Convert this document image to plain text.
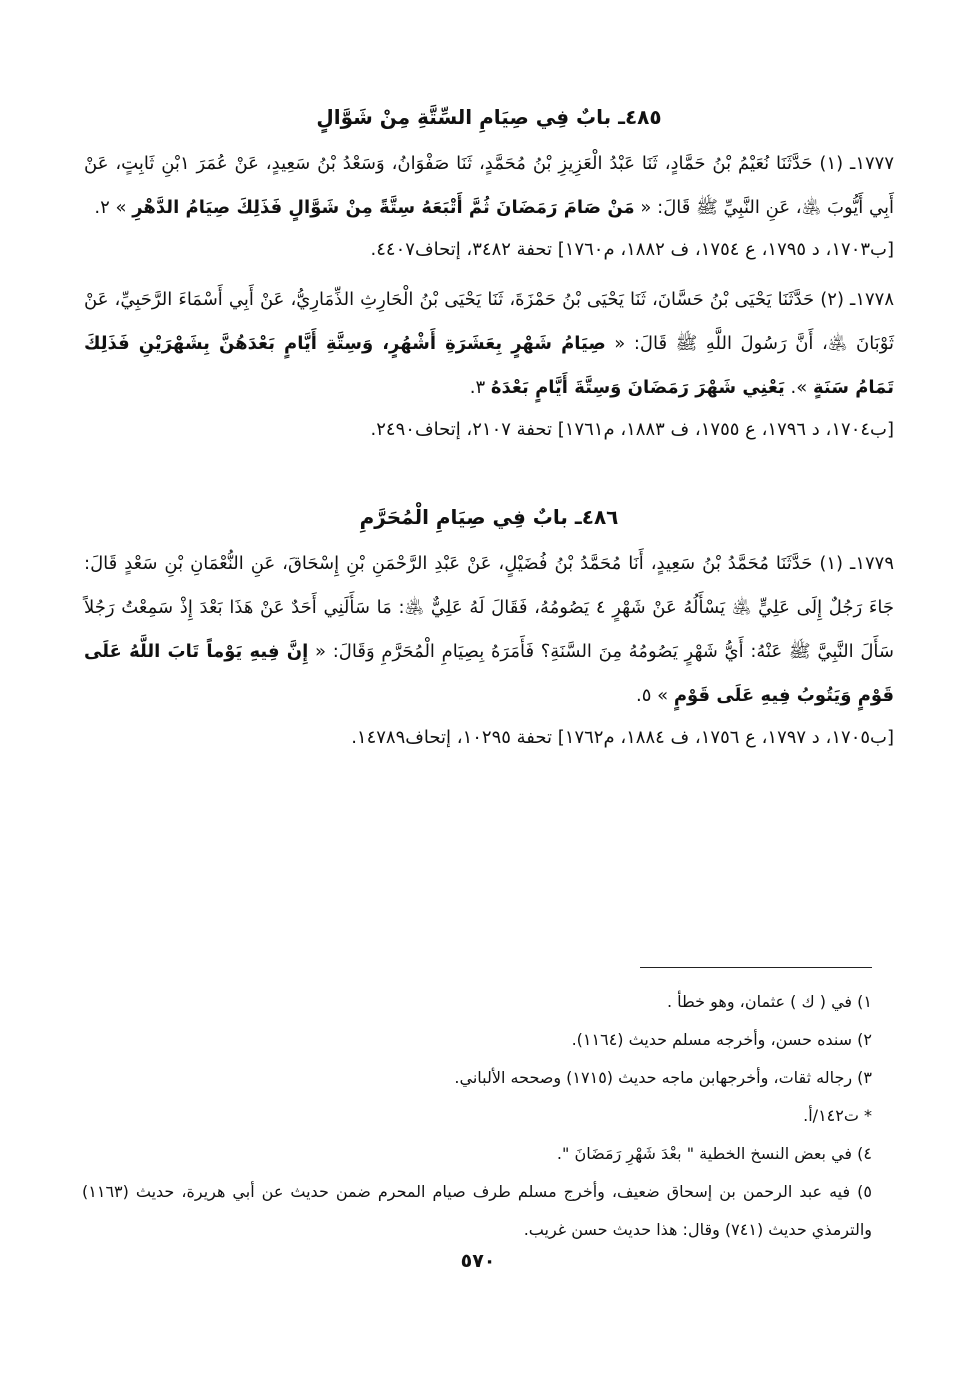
٤٨٥ـ بابٌ فِي صِيَامِ السِّتَّةِ مِنْ شَوَّالٍ

١٧٧٧ـ (١) حَدَّثَنَا نُعَيْمُ بْنُ حَمَّادٍ، ثَنَا عَبْدُ الْعَزِيزِ بْنُ مُحَمَّدٍ، ثَنَا صَفْوَانُ، وَسَعْدُ بْنُ سَعِيدٍ، عَنْ عُمَرَ ١بْنِ ثَابِتٍ، عَنْ أَبِي أَيُّوبَ ﵁، عَنِ النَّبِيِّ ﷺ قَالَ: « مَنْ صَامَ رَمَضَانَ ثُمَّ أَتْبَعَهُ سِتَّةً مِنْ شَوَّالٍ فَذَلِكَ صِيَامُ الدَّهْرِ » ٢.

[ب١٧٠٣، د ١٧٩٥، ع ١٧٥٤، ف ١٨٨٢، م١٧٦٠] تحفة ٣٤٨٢، إتحاف٤٤٠٧.

١٧٧٨ـ (٢) حَدَّثَنَا يَحْيَى بْنُ حَسَّانَ، ثَنَا يَحْيَى بْنُ حَمْزَةَ، ثَنَا يَحْيَى بْنُ الْحَارِثِ الذِّمَارِيُّ، عَنْ أَبِي أَسْمَاءَ الرَّحَبِيِّ، عَنْ ثَوْبَانَ ﵁، أَنَّ رَسُولَ اللَّهِ ﷺ قَالَ: « صِيَامُ شَهْرٍ بِعَشَرَةِ أَشْهُرٍ، وَسِتَّةِ أَيَّامٍ بَعْدَهُنَّ بِشَهْرَيْنِ فَذَلِكَ تَمَامُ سَنَةٍ ». يَعْنِي شَهْرَ رَمَضَانَ وَسِتَّةَ أَيَّامٍ بَعْدَهُ ٣.

[ب١٧٠٤، د ١٧٩٦، ع ١٧٥٥، ف ١٨٨٣، م١٧٦١] تحفة ٢١٠٧، إتحاف٢٤٩٠.

٤٨٦ـ بابٌ فِي صِيَامِ الْمُحَرَّمِ

١٧٧٩ـ (١) حَدَّثَنَا مُحَمَّدُ بْنُ سَعِيدٍ، أَنَا مُحَمَّدُ بْنُ فُضَيْلٍ، عَنْ عَبْدِ الرَّحْمَنِ بْنِ إِسْحَاقَ، عَنِ النُّعْمَانِ بْنِ سَعْدٍ قَالَ: جَاءَ رَجُلٌ إِلَى عَلِيٍّ ﵁ يَسْأَلُهُ عَنْ شَهْرٍ ٤ يَصُومُهُ، فَقَالَ لَهُ عَلِيٌّ ﵁: مَا سَأَلَنِي أَحَدٌ عَنْ هَذَا بَعْدَ إِذْ سَمِعْتُ رَجُلاً سَأَلَ النَّبِيَّ ﷺ عَنْهُ: أَيُّ شَهْرٍ يَصُومُهُ مِنَ السَّنَةِ؟ فَأَمَرَهُ بِصِيَامِ الْمُحَرَّمِ وَقَالَ: « إِنَّ فِيهِ يَوْماً تَابَ اللَّهُ عَلَى قَوْمٍ وَيَتُوبُ فِيهِ عَلَى قَوْمٍ » ٥.

[ب١٧٠٥، د ١٧٩٧، ع ١٧٥٦، ف ١٨٨٤، م١٧٦٢] تحفة ١٠٢٩٥، إتحاف١٤٧٨٩.

١) في ( ك ) عثمان، وهو خطأ .

٢) سنده حسن، وأخرجه مسلم حديث (١١٦٤).

٣) رجاله ثقات، وأخرجهابن ماجه حديث (١٧١٥) وصححه الألباني.

* ت١٤٢/أ.

٤) في بعض النسخ الخطية " بعْدَ شَهْرِ رَمَضَانَ ".

٥) فيه عبد الرحمن بن إسحاق ضعيف، وأخرج مسلم طرف صيام المحرم ضمن حديث عن أبي هريرة، حديث (١١٦٣) والترمذي حديث (٧٤١) وقال: هذا حديث حسن غريب.

٥٧٠
